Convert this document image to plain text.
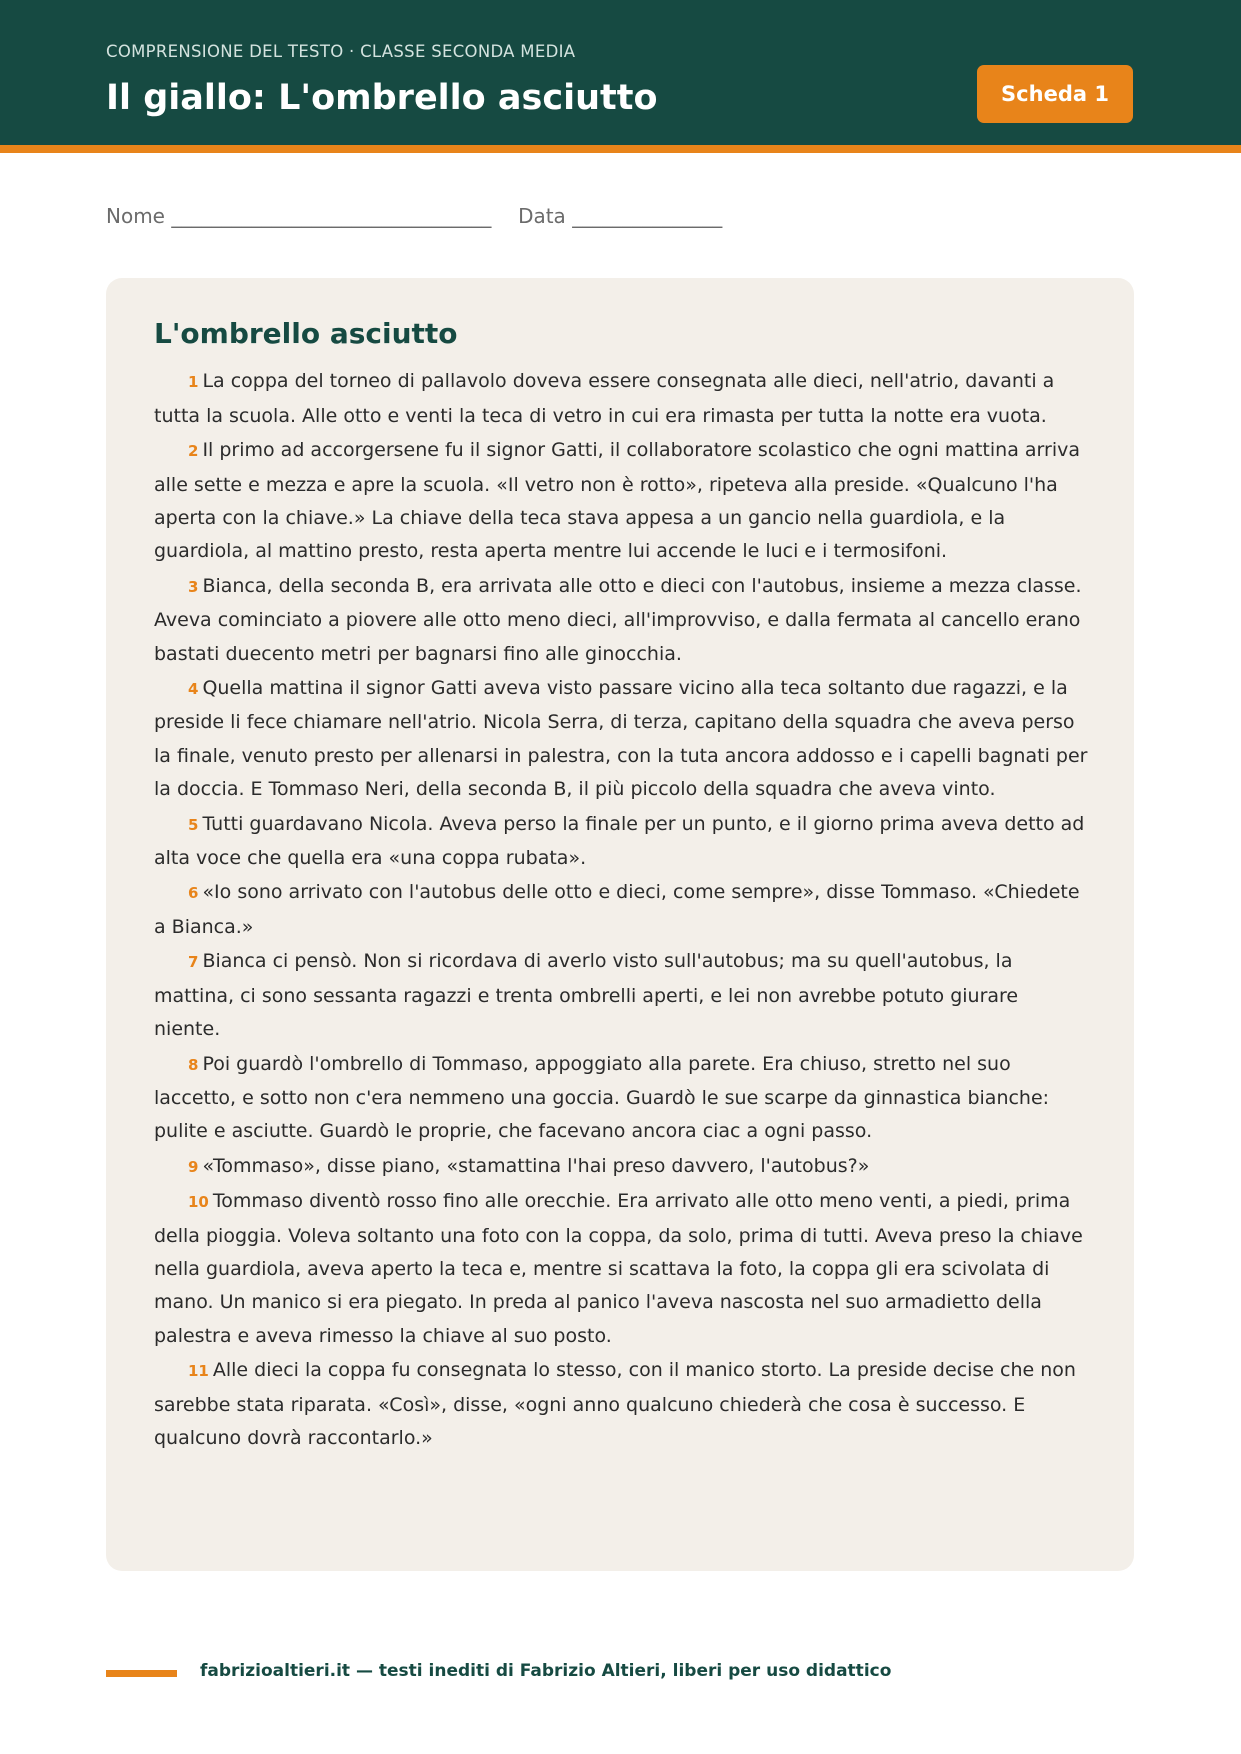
COMPRENSIONE DEL TESTO · CLASSE SECONDA MEDIA
Il giallo: L'ombrello asciutto	Scheda 1
Nome ________________________________ Data _______________
L'ombrello asciutto

1 La coppa del torneo di pallavolo doveva essere consegnata alle dieci, nell'atrio, davanti a tutta la scuola. Alle otto e venti la teca di vetro in cui era rimasta per tutta la notte era vuota.

2 Il primo ad accorgersene fu il signor Gatti, il collaboratore scolastico che ogni mattina arriva alle sette e mezza e apre la scuola. «Il vetro non è rotto», ripeteva alla preside. «Qualcuno l'ha aperta con la chiave.» La chiave della teca stava appesa a un gancio nella guardiola, e la guardiola, al mattino presto, resta aperta mentre lui accende le luci e i termosifoni.

3 Bianca, della seconda B, era arrivata alle otto e dieci con l'autobus, insieme a mezza classe. Aveva cominciato a piovere alle otto meno dieci, all'improvviso, e dalla fermata al cancello erano bastati duecento metri per bagnarsi fino alle ginocchia.

4 Quella mattina il signor Gatti aveva visto passare vicino alla teca soltanto due ragazzi, e la preside li fece chiamare nell'atrio. Nicola Serra, di terza, capitano della squadra che aveva perso la finale, venuto presto per allenarsi in palestra, con la tuta ancora addosso e i capelli bagnati per la doccia. E Tommaso Neri, della seconda B, il più piccolo della squadra che aveva vinto.

5 Tutti guardavano Nicola. Aveva perso la finale per un punto, e il giorno prima aveva detto ad alta voce che quella era «una coppa rubata».

6 «Io sono arrivato con l'autobus delle otto e dieci, come sempre», disse Tommaso. «Chiedete a Bianca.»

7 Bianca ci pensò. Non si ricordava di averlo visto sull'autobus; ma su quell'autobus, la mattina, ci sono sessanta ragazzi e trenta ombrelli aperti, e lei non avrebbe potuto giurare niente.

8 Poi guardò l'ombrello di Tommaso, appoggiato alla parete. Era chiuso, stretto nel suo laccetto, e sotto non c'era nemmeno una goccia. Guardò le sue scarpe da ginnastica bianche: pulite e asciutte. Guardò le proprie, che facevano ancora ciac a ogni passo.

9 «Tommaso», disse piano, «stamattina l'hai preso davvero, l'autobus?»

10 Tommaso diventò rosso fino alle orecchie. Era arrivato alle otto meno venti, a piedi, prima della pioggia. Voleva soltanto una foto con la coppa, da solo, prima di tutti. Aveva preso la chiave nella guardiola, aveva aperto la teca e, mentre si scattava la foto, la coppa gli era scivolata di mano. Un manico si era piegato. In preda al panico l'aveva nascosta nel suo armadietto della palestra e aveva rimesso la chiave al suo posto.

11 Alle dieci la coppa fu consegnata lo stesso, con il manico storto. La preside decise che non sarebbe stata riparata. «Così», disse, «ogni anno qualcuno chiederà che cosa è successo. E qualcuno dovrà raccontarlo.»

fabrizioaltieri.it — testi inediti di Fabrizio Altieri, liberi per uso didattico
